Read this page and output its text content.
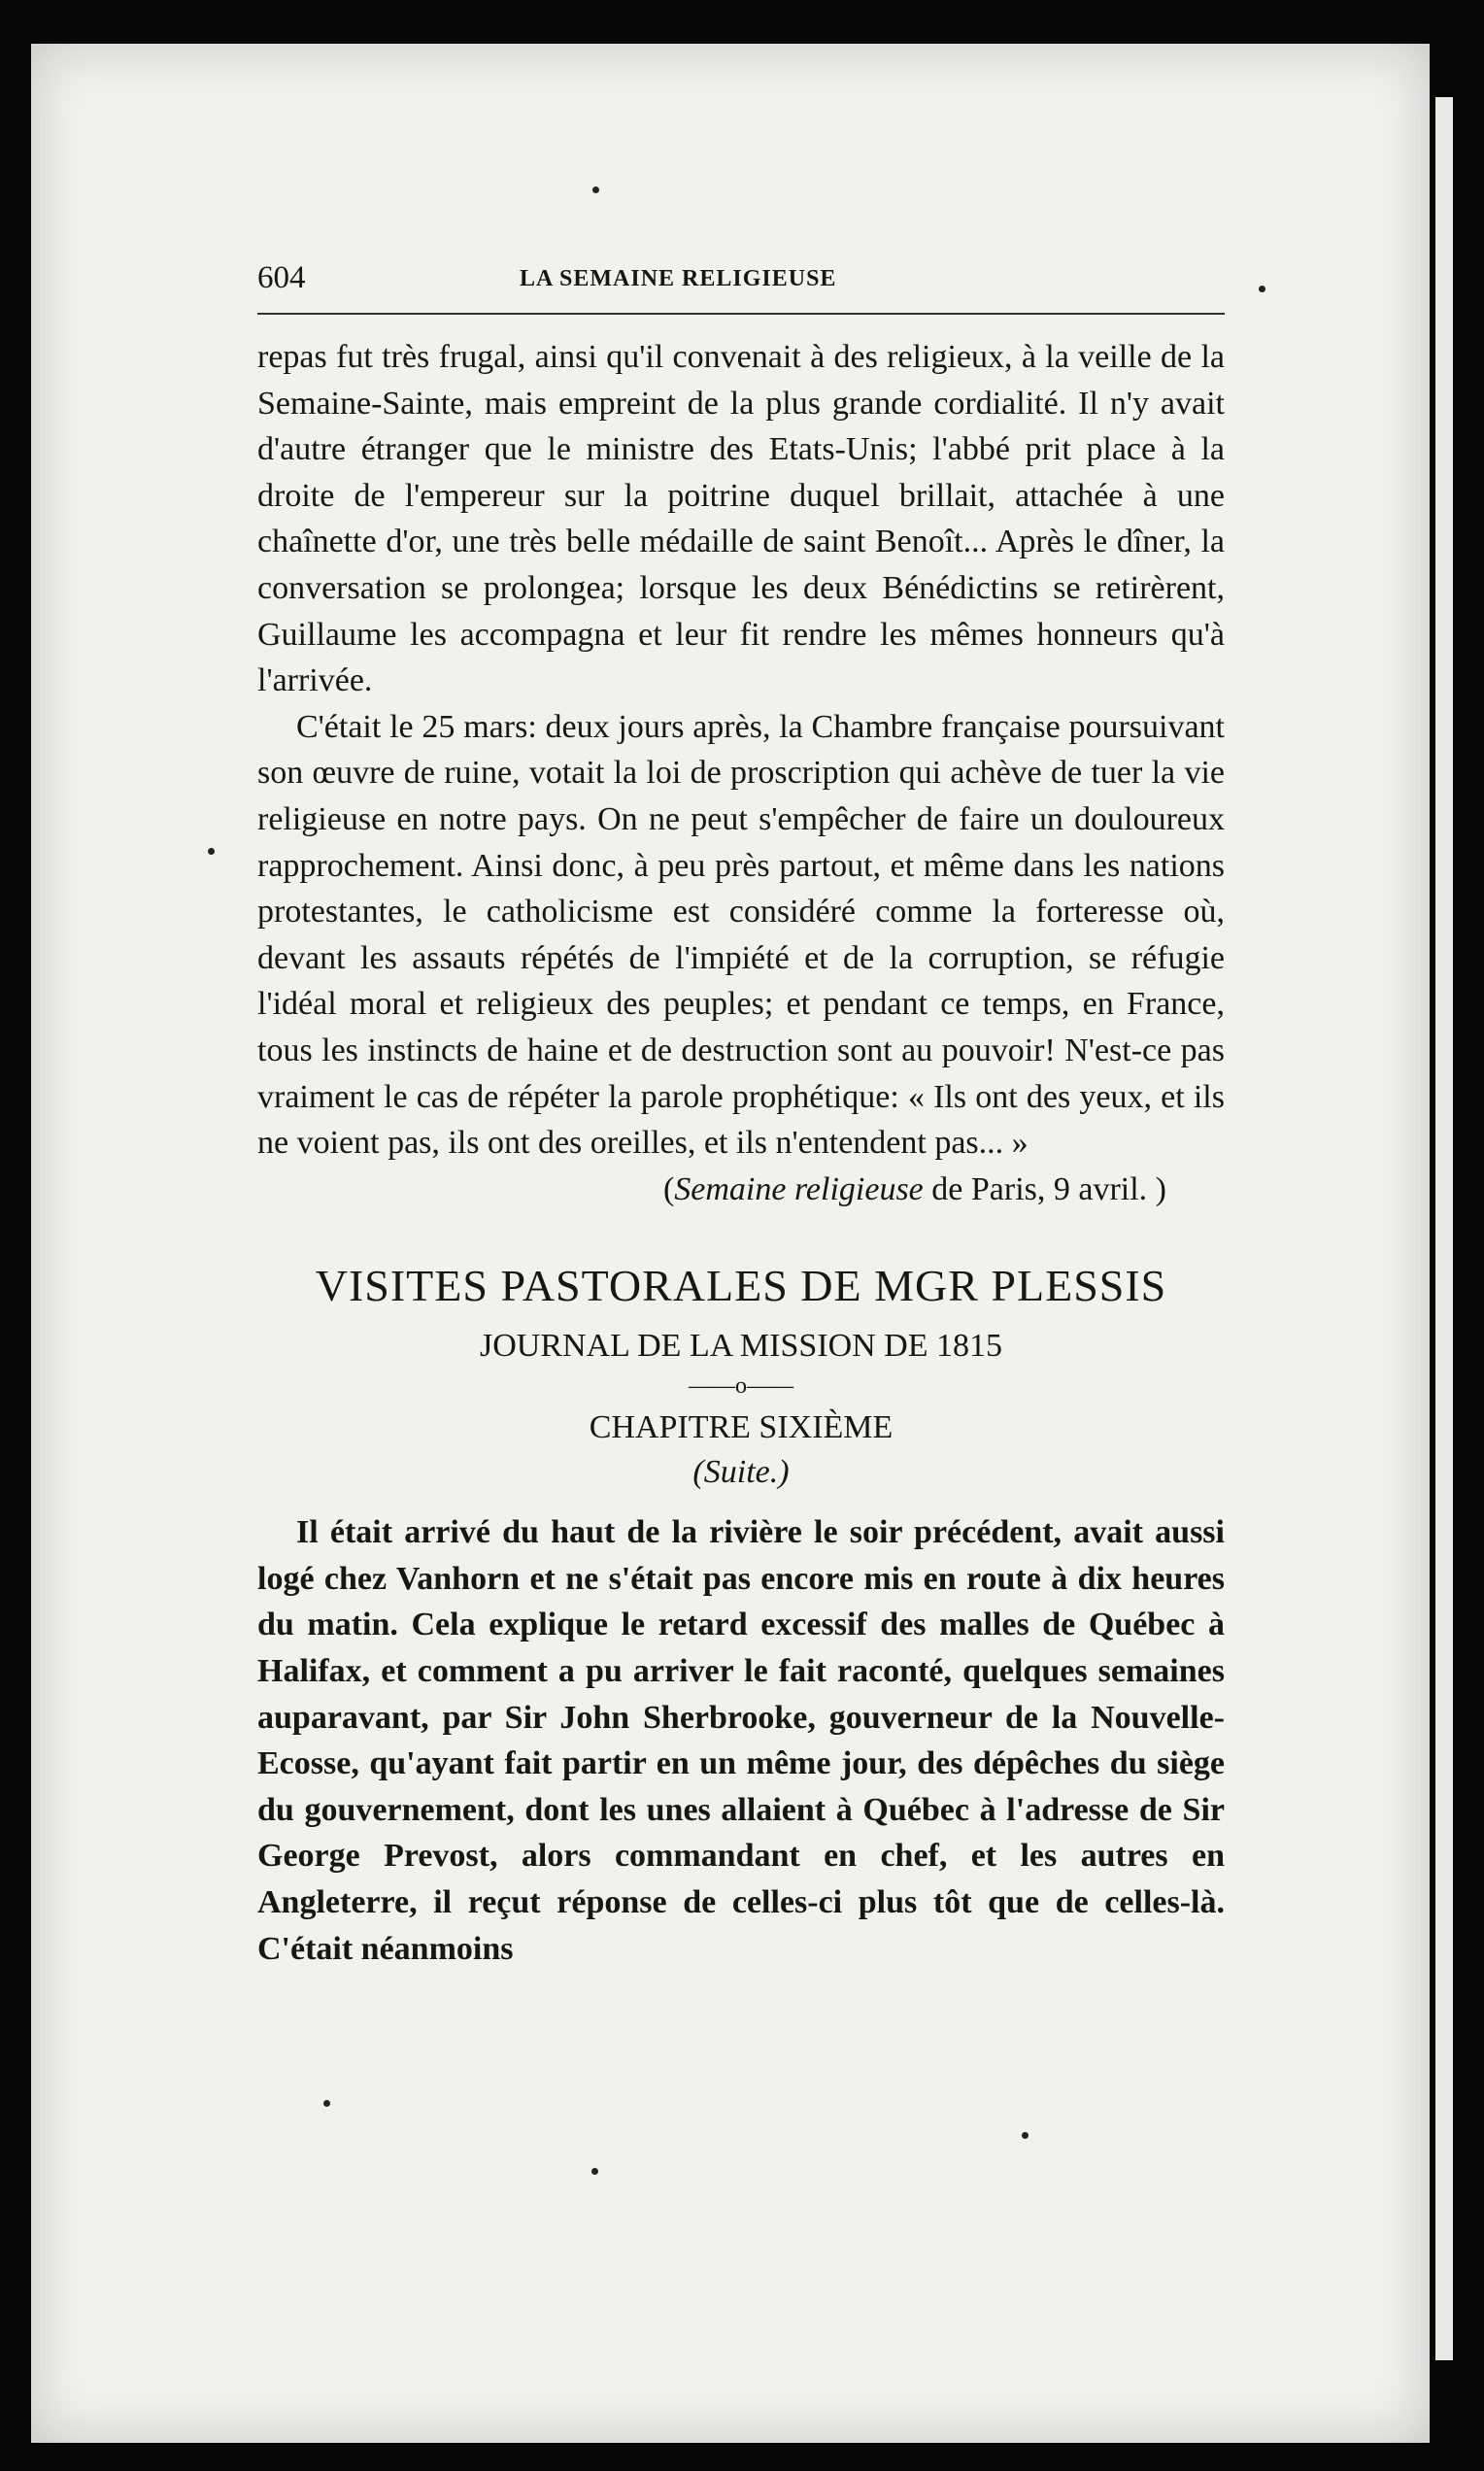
604	LA SEMAINE RELIGIEUSE

repas fut très frugal, ainsi qu'il convenait à des religieux, à la veille de la Semaine-Sainte, mais empreint de la plus grande cordialité. Il n'y avait d'autre étranger que le ministre des Etats-Unis; l'abbé prit place à la droite de l'empereur sur la poitrine duquel brillait, attachée à une chaînette d'or, une très belle médaille de saint Benoît... Après le dîner, la conversation se prolongea; lorsque les deux Bénédictins se retirèrent, Guillaume les accompagna et leur fit rendre les mêmes honneurs qu'à l'arrivée.

C'était le 25 mars: deux jours après, la Chambre française poursuivant son œuvre de ruine, votait la loi de proscription qui achève de tuer la vie religieuse en notre pays. On ne peut s'empêcher de faire un douloureux rapprochement. Ainsi donc, à peu près partout, et même dans les nations protestantes, le catholicisme est considéré comme la forteresse où, devant les assauts répétés de l'impiété et de la corruption, se réfugie l'idéal moral et religieux des peuples; et pendant ce temps, en France, tous les instincts de haine et de destruction sont au pouvoir! N'est-ce pas vraiment le cas de répéter la parole prophétique: « Ils ont des yeux, et ils ne voient pas, ils ont des oreilles, et ils n'entendent pas... »

(Semaine religieuse de Paris, 9 avril. )

VISITES PASTORALES DE MGR PLESSIS
JOURNAL DE LA MISSION DE 1815
——o——
CHAPITRE SIXIÈME
(Suite.)

Il était arrivé du haut de la rivière le soir précédent, avait aussi logé chez Vanhorn et ne s'était pas encore mis en route à dix heures du matin. Cela explique le retard excessif des malles de Québec à Halifax, et comment a pu arriver le fait raconté, quelques semaines auparavant, par Sir John Sherbrooke, gouverneur de la Nouvelle-Ecosse, qu'ayant fait partir en un même jour, des dépêches du siège du gouvernement, dont les unes allaient à Québec à l'adresse de Sir George Prevost, alors commandant en chef, et les autres en Angleterre, il reçut réponse de celles-ci plus tôt que de celles-là. C'était néanmoins
